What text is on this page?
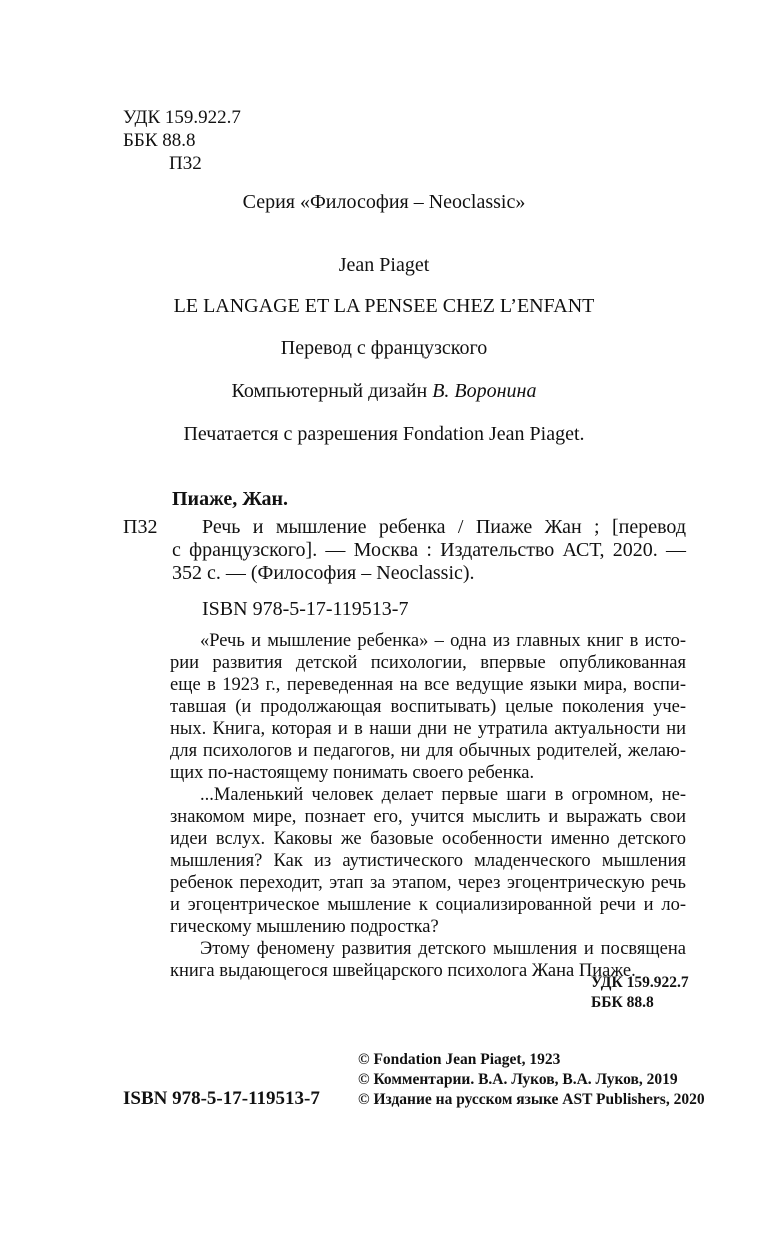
УДК 159.922.7
ББК 88.8
П32
Серия «Философия – Neoclassic»
Jean Piaget
LE LANGAGE ET LA PENSEE CHEZ L’ENFANT
Перевод с французского
Компьютерный дизайн В. Воронина
Печатается с разрешения Fondation Jean Piaget.
Пиаже, Жан.
П32 Речь и мышление ребенка / Пиаже Жан ; [перевод
с французского]. — Москва : Издательство АСТ, 2020. —
352 с. — (Философия – Neoclassic).
ISBN 978-5-17-119513-7

«Речь и мышление ребенка» – одна из главных книг в исто-
рии развития детской психологии, впервые опубликованная
еще в 1923 г., переведенная на все ведущие языки мира, воспи-
тавшая (и продолжающая воспитывать) целые поколения уче-
ных. Книга, которая и в наши дни не утратила актуальности ни
для психологов и педагогов, ни для обычных родителей, желаю-
щих по-настоящему понимать своего ребенка.

...Маленький человек делает первые шаги в огромном, не-
знакомом мире, познает его, учится мыслить и выражать свои
идеи вслух. Каковы же базовые особенности именно детского
мышления? Как из аутистического младенческого мышления
ребенок переходит, этап за этапом, через эгоцентрическую речь
и эгоцентрическое мышление к социализированной речи и ло-
гическому мышлению подростка?

Этому феномену развития детского мышления и посвящена
книга выдающегося швейцарского психолога Жана Пиаже.

УДК 159.922.7
ББК 88.8
ISBN 978-5-17-119513-7
© Fondation Jean Piaget, 1923
© Комментарии. В.А. Луков, В.А. Луков, 2019
© Издание на русском языке AST Publishers, 2020
